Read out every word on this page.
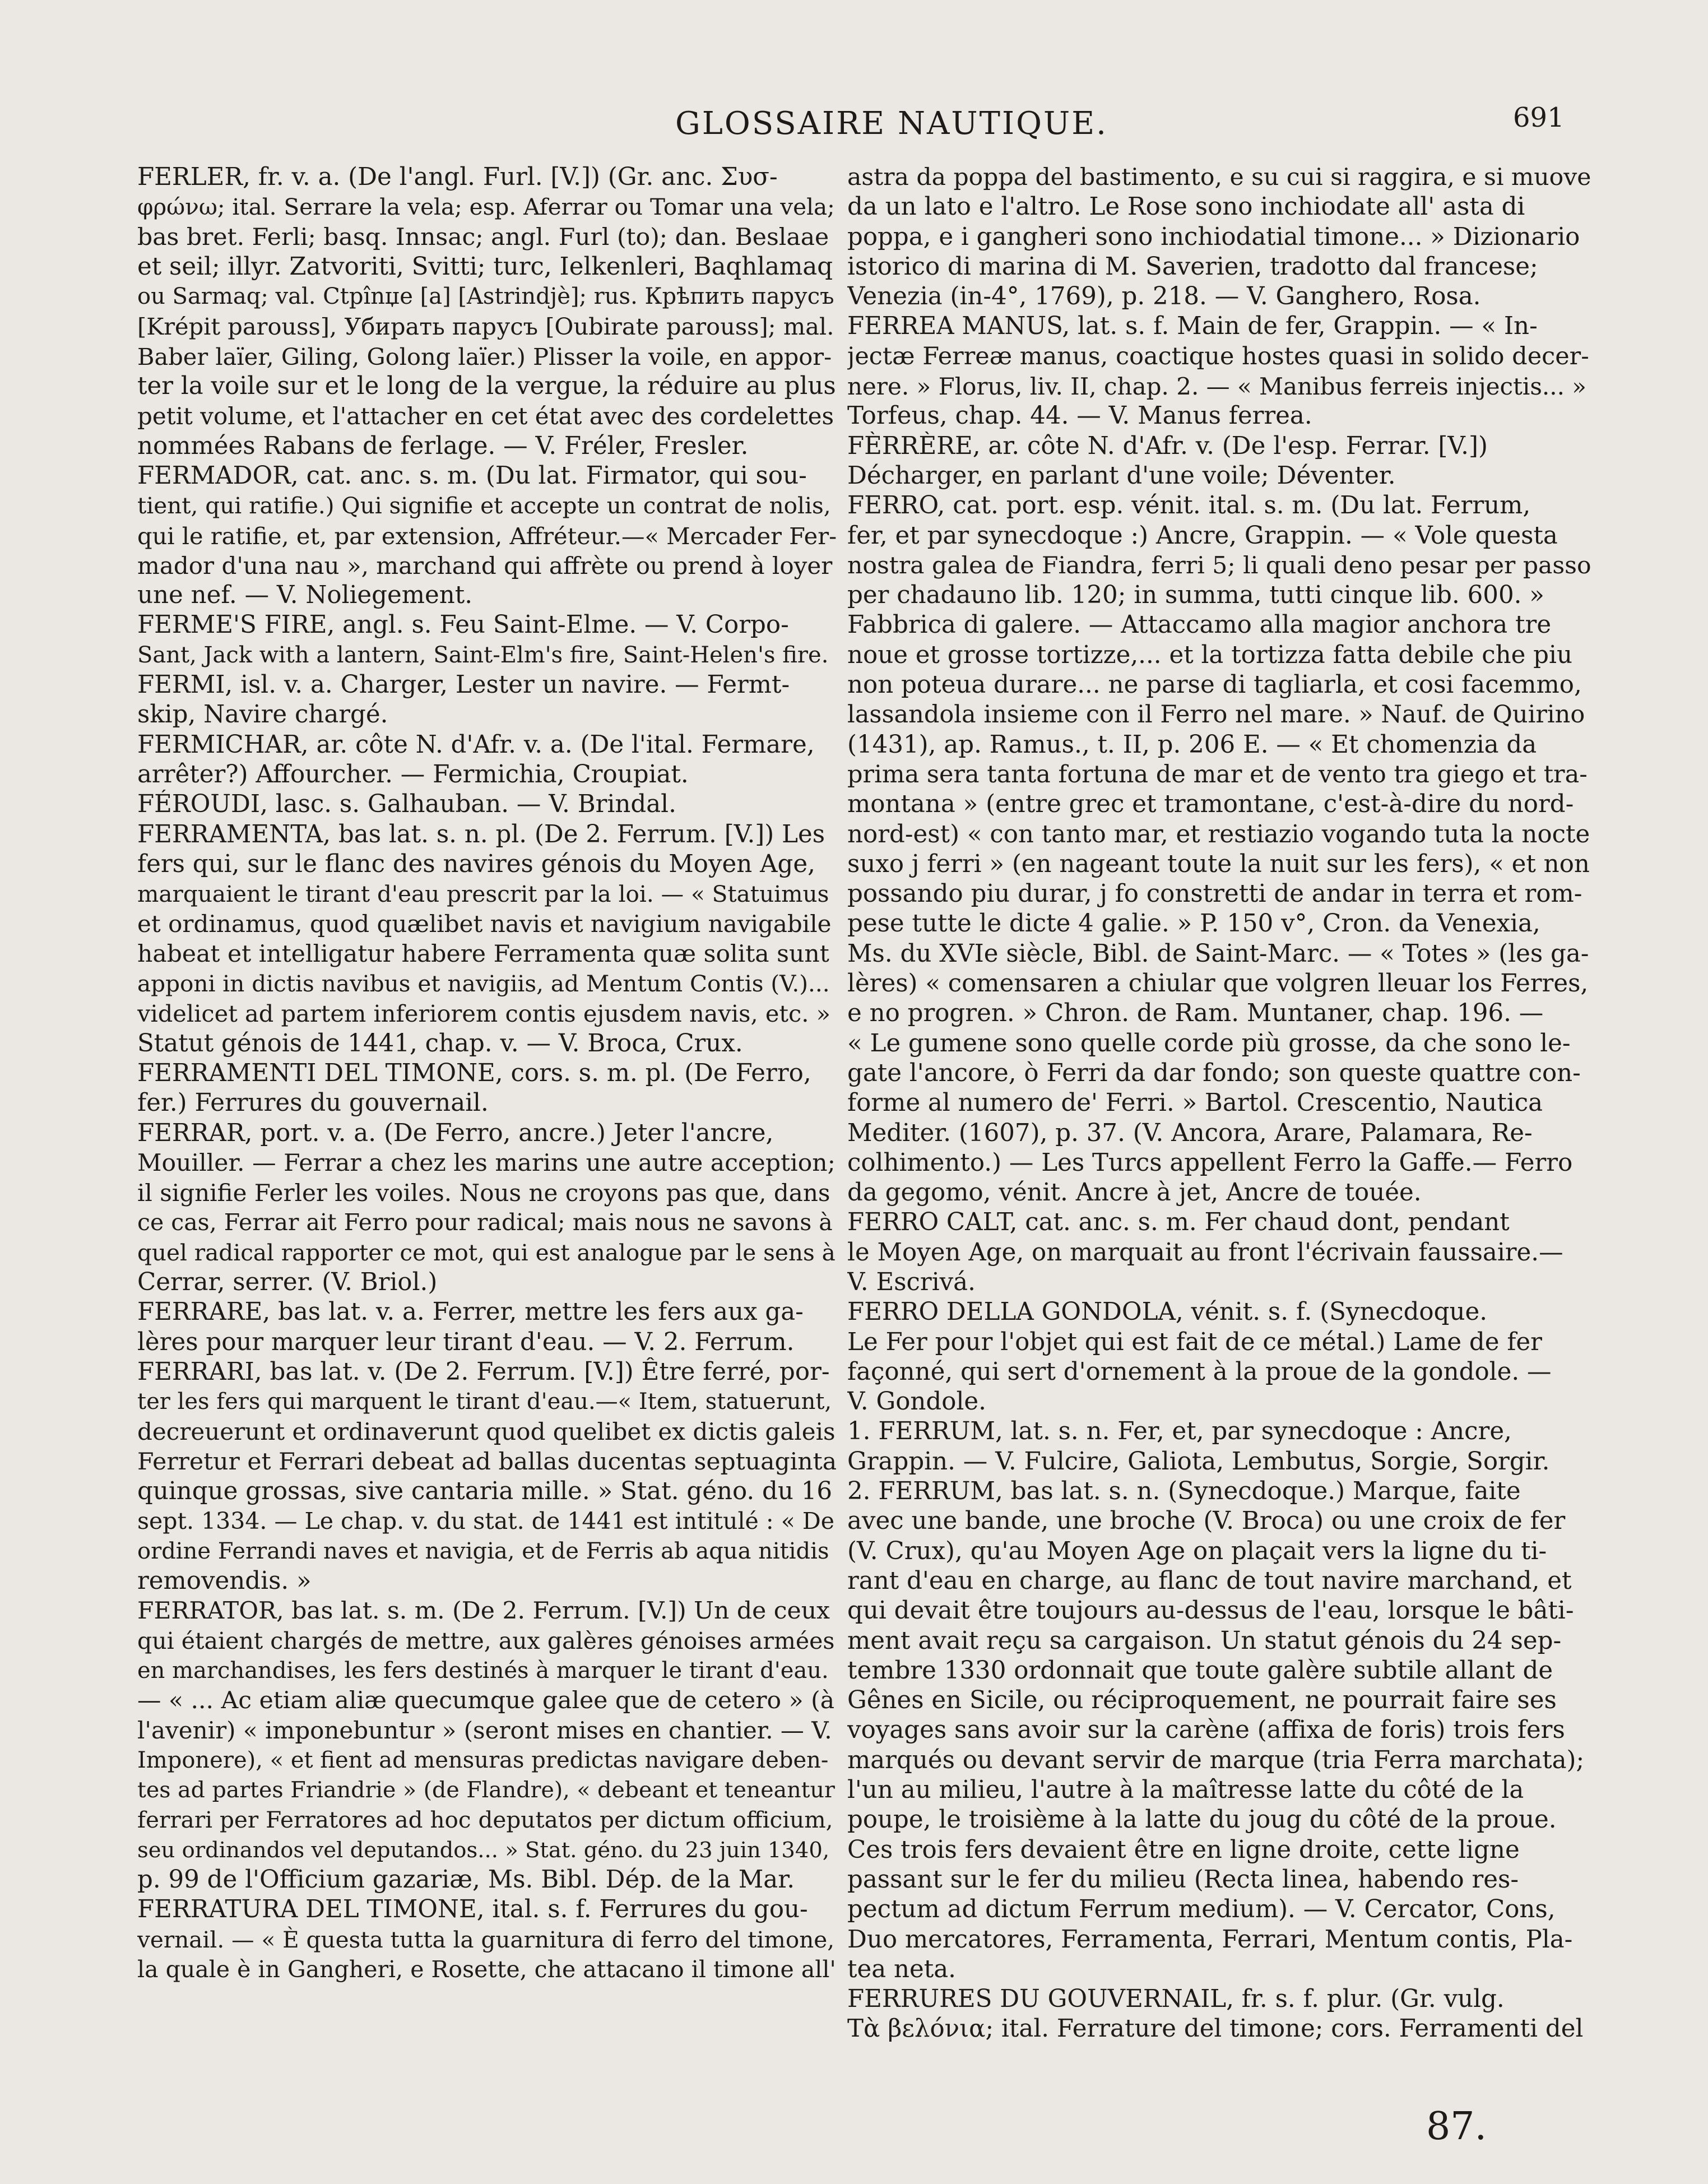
GLOSSAIRE NAUTIQUE.	691
FERLER, fr. v. a. (De l'angl. Furl. [V.]) (Gr. anc. Συσ-
φρώνω; ital. Serrare la vela; esp. Aferrar ou Tomar una vela;
bas bret. Ferli; basq. Innsac; angl. Furl (to); dan. Beslaae
et seil; illyr. Zatvoriti, Svitti; turc, Ielkenleri, Baqhlamaq
ou Sarmaq; val. Ctpînџe [a] [Astrindjè]; rus. Крѣпить парусъ
[Krépit parouss], Убирать парусъ [Oubirate parouss]; mal.
Baber laïer, Giling, Golong laïer.) Plisser la voile, en appor-
ter la voile sur et le long de la vergue, la réduire au plus
petit volume, et l'attacher en cet état avec des cordelettes
nommées Rabans de ferlage. — V. Fréler, Fresler.
FERMADOR, cat. anc. s. m. (Du lat. Firmator, qui sou-
tient, qui ratifie.) Qui signifie et accepte un contrat de nolis,
qui le ratifie, et, par extension, Affréteur.—« Mercader Fer-
mador d'una nau », marchand qui affrète ou prend à loyer
une nef. — V. Noliegement.
FERME'S FIRE, angl. s. Feu Saint-Elme. — V. Corpo-
Sant, Jack with a lantern, Saint-Elm's fire, Saint-Helen's fire.
FERMI, isl. v. a. Charger, Lester un navire. — Fermt-
skip, Navire chargé.
FERMICHAR, ar. côte N. d'Afr. v. a. (De l'ital. Fermare,
arrêter?) Affourcher. — Fermichia, Croupiat.
FÉROUDI, lasc. s. Galhauban. — V. Brindal.
FERRAMENTA, bas lat. s. n. pl. (De 2. Ferrum. [V.]) Les
fers qui, sur le flanc des navires génois du Moyen Age,
marquaient le tirant d'eau prescrit par la loi. — « Statuimus
et ordinamus, quod quælibet navis et navigium navigabile
habeat et intelligatur habere Ferramenta quæ solita sunt
apponi in dictis navibus et navigiis, ad Mentum Contis (V.)...
videlicet ad partem inferiorem contis ejusdem navis, etc. »
Statut génois de 1441, chap. v. — V. Broca, Crux.
FERRAMENTI DEL TIMONE, cors. s. m. pl. (De Ferro,
fer.) Ferrures du gouvernail.
FERRAR, port. v. a. (De Ferro, ancre.) Jeter l'ancre,
Mouiller. — Ferrar a chez les marins une autre acception;
il signifie Ferler les voiles. Nous ne croyons pas que, dans
ce cas, Ferrar ait Ferro pour radical; mais nous ne savons à
quel radical rapporter ce mot, qui est analogue par le sens à
Cerrar, serrer. (V. Briol.)
FERRARE, bas lat. v. a. Ferrer, mettre les fers aux ga-
lères pour marquer leur tirant d'eau. — V. 2. Ferrum.
FERRARI, bas lat. v. (De 2. Ferrum. [V.]) Être ferré, por-
ter les fers qui marquent le tirant d'eau.—« Item, statuerunt,
decreuerunt et ordinaverunt quod quelibet ex dictis galeis
Ferretur et Ferrari debeat ad ballas ducentas septuaginta
quinque grossas, sive cantaria mille. » Stat. géno. du 16
sept. 1334. — Le chap. v. du stat. de 1441 est intitulé : « De
ordine Ferrandi naves et navigia, et de Ferris ab aqua nitidis
removendis. »
FERRATOR, bas lat. s. m. (De 2. Ferrum. [V.]) Un de ceux
qui étaient chargés de mettre, aux galères génoises armées
en marchandises, les fers destinés à marquer le tirant d'eau.
— « ... Ac etiam aliæ quecumque galee que de cetero » (à
l'avenir) « imponebuntur » (seront mises en chantier. — V.
Imponere), « et fient ad mensuras predictas navigare deben-
tes ad partes Friandrie » (de Flandre), « debeant et teneantur
ferrari per Ferratores ad hoc deputatos per dictum officium,
seu ordinandos vel deputandos... » Stat. géno. du 23 juin 1340,
p. 99 de l'Officium gazariæ, Ms. Bibl. Dép. de la Mar.
FERRATURA DEL TIMONE, ital. s. f. Ferrures du gou-
vernail. — « È questa tutta la guarnitura di ferro del timone,
la quale è in Gangheri, e Rosette, che attacano il timone all'
astra da poppa del bastimento, e su cui si raggira, e si muove
da un lato e l'altro. Le Rose sono inchiodate all' asta di
poppa, e i gangheri sono inchiodatial timone... » Dizionario
istorico di marina di M. Saverien, tradotto dal francese;
Venezia (in-4°, 1769), p. 218. — V. Ganghero, Rosa.
FERREA MANUS, lat. s. f. Main de fer, Grappin. — « In-
jectæ Ferreæ manus, coactique hostes quasi in solido decer-
nere. » Florus, liv. II, chap. 2. — « Manibus ferreis injectis... »
Torfeus, chap. 44. — V. Manus ferrea.
FÈRRÈRE, ar. côte N. d'Afr. v. (De l'esp. Ferrar. [V.])
Décharger, en parlant d'une voile; Déventer.
FERRO, cat. port. esp. vénit. ital. s. m. (Du lat. Ferrum,
fer, et par synecdoque :) Ancre, Grappin. — « Vole questa
nostra galea de Fiandra, ferri 5; li quali deno pesar per passo
per chadauno lib. 120; in summa, tutti cinque lib. 600. »
Fabbrica di galere. — Attaccamo alla magior anchora tre
noue et grosse tortizze,... et la tortizza fatta debile che piu
non poteua durare... ne parse di tagliarla, et cosi facemmo,
lassandola insieme con il Ferro nel mare. » Nauf. de Quirino
(1431), ap. Ramus., t. II, p. 206 E. — « Et chomenzia da
prima sera tanta fortuna de mar et de vento tra giego et tra-
montana » (entre grec et tramontane, c'est-à-dire du nord-
nord-est) « con tanto mar, et restiazio vogando tuta la nocte
suxo j ferri » (en nageant toute la nuit sur les fers), « et non
possando piu durar, j fo constretti de andar in terra et rom-
pese tutte le dicte 4 galie. » P. 150 v°, Cron. da Venexia,
Ms. du XVIe siècle, Bibl. de Saint-Marc. — « Totes » (les ga-
lères) « comensaren a chiular que volgren lleuar los Ferres,
e no progren. » Chron. de Ram. Muntaner, chap. 196. —
« Le gumene sono quelle corde più grosse, da che sono le-
gate l'ancore, ò Ferri da dar fondo; son queste quattre con-
forme al numero de' Ferri. » Bartol. Crescentio, Nautica
Mediter. (1607), p. 37. (V. Ancora, Arare, Palamara, Re-
colhimento.) — Les Turcs appellent Ferro la Gaffe.— Ferro
da gegomo, vénit. Ancre à jet, Ancre de touée.
FERRO CALT, cat. anc. s. m. Fer chaud dont, pendant
le Moyen Age, on marquait au front l'écrivain faussaire.—
V. Escrivá.
FERRO DELLA GONDOLA, vénit. s. f. (Synecdoque.
Le Fer pour l'objet qui est fait de ce métal.) Lame de fer
façonné, qui sert d'ornement à la proue de la gondole. —
V. Gondole.
1. FERRUM, lat. s. n. Fer, et, par synecdoque : Ancre,
Grappin. — V. Fulcire, Galiota, Lembutus, Sorgie, Sorgir.
2. FERRUM, bas lat. s. n. (Synecdoque.) Marque, faite
avec une bande, une broche (V. Broca) ou une croix de fer
(V. Crux), qu'au Moyen Age on plaçait vers la ligne du ti-
rant d'eau en charge, au flanc de tout navire marchand, et
qui devait être toujours au-dessus de l'eau, lorsque le bâti-
ment avait reçu sa cargaison. Un statut génois du 24 sep-
tembre 1330 ordonnait que toute galère subtile allant de
Gênes en Sicile, ou réciproquement, ne pourrait faire ses
voyages sans avoir sur la carène (affixa de foris) trois fers
marqués ou devant servir de marque (tria Ferra marchata);
l'un au milieu, l'autre à la maîtresse latte du côté de la
poupe, le troisième à la latte du joug du côté de la proue.
Ces trois fers devaient être en ligne droite, cette ligne
passant sur le fer du milieu (Recta linea, habendo res-
pectum ad dictum Ferrum medium). — V. Cercator, Cons,
Duo mercatores, Ferramenta, Ferrari, Mentum contis, Pla-
tea neta.
FERRURES DU GOUVERNAIL, fr. s. f. plur. (Gr. vulg.
Τὰ βελόνια; ital. Ferrature del timone; cors. Ferramenti del
87.
